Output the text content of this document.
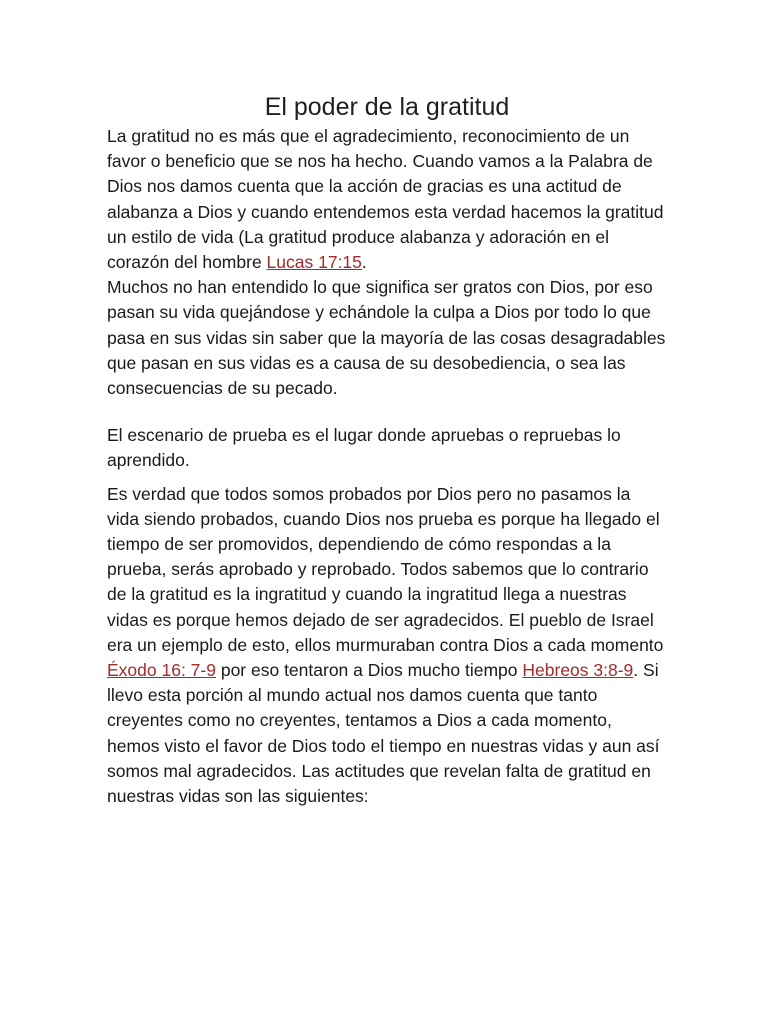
El poder de la gratitud

La gratitud no es más que el agradecimiento, reconocimiento de un favor o beneficio que se nos ha hecho. Cuando vamos a la Palabra de Dios nos damos cuenta que la acción de gracias es una actitud de alabanza a Dios y cuando entendemos esta verdad hacemos la gratitud un estilo de vida (La gratitud produce alabanza y adoración en el corazón del hombre Lucas 17:15.

Muchos no han entendido lo que significa ser gratos con Dios, por eso pasan su vida quejándose y echándole la culpa a Dios por todo lo que pasa en sus vidas sin saber que la mayoría de las cosas desagradables que pasan en sus vidas es a causa de su desobediencia, o sea las consecuencias de su pecado.

El escenario de prueba es el lugar donde apruebas o repruebas lo aprendido.

Es verdad que todos somos probados por Dios pero no pasamos la vida siendo probados, cuando Dios nos prueba es porque ha llegado el tiempo de ser promovidos, dependiendo de cómo respondas a la prueba, serás aprobado y reprobado. Todos sabemos que lo contrario de la gratitud es la ingratitud y cuando la ingratitud llega a nuestras vidas es porque hemos dejado de ser agradecidos. El pueblo de Israel era un ejemplo de esto, ellos murmuraban contra Dios a cada momento Éxodo 16: 7-9 por eso tentaron a Dios mucho tiempo Hebreos 3:8-9. Si llevo esta porción al mundo actual nos damos cuenta que tanto creyentes como no creyentes, tentamos a Dios a cada momento, hemos visto el favor de Dios todo el tiempo en nuestras vidas y aun así somos mal agradecidos. Las actitudes que revelan falta de gratitud en nuestras vidas son las siguientes:
